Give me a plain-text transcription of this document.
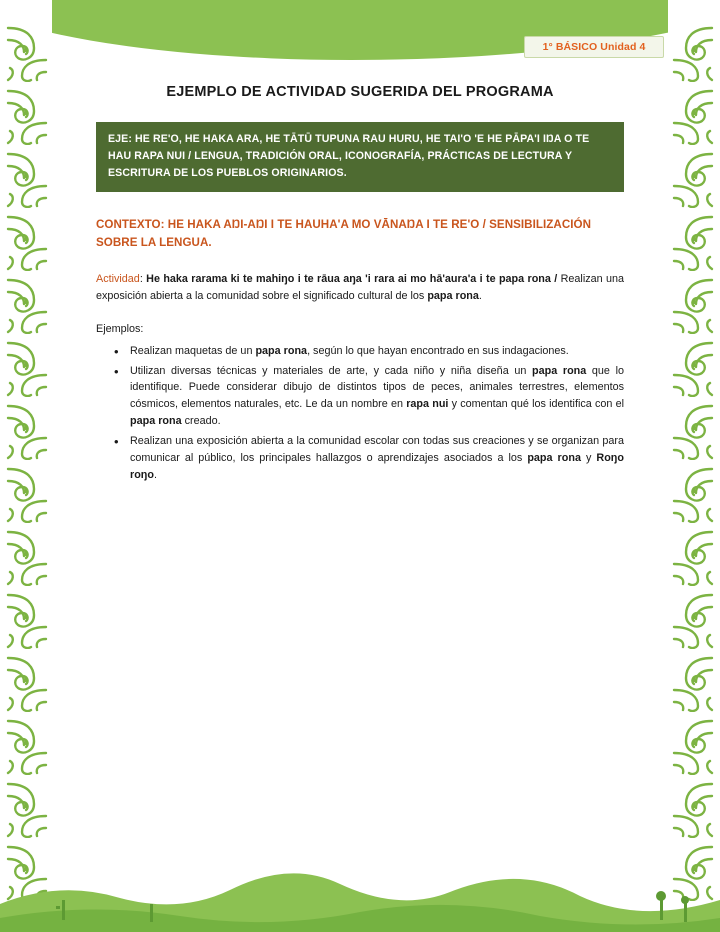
1° BÁSICO Unidad 4
EJEMPLO DE ACTIVIDAD SUGERIDA DEL PROGRAMA
EJE: HE RE'O, HE HAKA ARA, HE TĀTŪ TUPUNA RAU HURU, HE TAI'O 'E HE PĀPA'I IŊA O TE HAU RAPA NUI / LENGUA, TRADICIÓN ORAL, ICONOGRAFÍA, PRÁCTICAS DE LECTURA Y ESCRITURA DE LOS PUEBLOS ORIGINARIOS.
CONTEXTO: HE HAKA AŊI-AŊI I TE HAUHA'A MO VĀNAŊA I TE RE'O / SENSIBILIZACIÓN SOBRE LA LENGUA.

Actividad: He haka rarama ki te mahiŋo i te rāua aŋa 'i rara ai mo hā'aura'a i te papa rona / Realizan una exposición abierta a la comunidad sobre el significado cultural de los papa rona.

Ejemplos:
• Realizan maquetas de un papa rona, según lo que hayan encontrado en sus indagaciones.
• Utilizan diversas técnicas y materiales de arte, y cada niño y niña diseña un papa rona que lo identifique. Puede considerar dibujo de distintos tipos de peces, animales terrestres, elementos cósmicos, elementos naturales, etc. Le da un nombre en rapa nui y comentan qué los identifica con el papa rona creado.
• Realizan una exposición abierta a la comunidad escolar con todas sus creaciones y se organizan para comunicar al público, los principales hallazgos o aprendizajes asociados a los papa rona y Roŋo roŋo.
